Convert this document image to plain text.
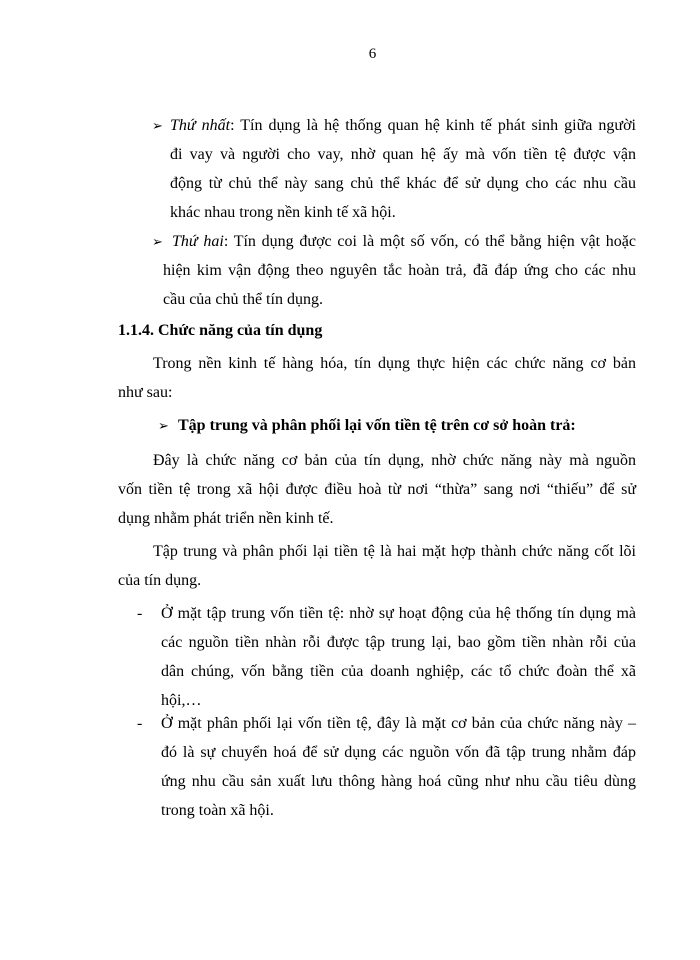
6
➢ Thứ nhất: Tín dụng là hệ thống quan hệ kinh tế phát sinh giữa người
đi vay và người cho vay, nhờ quan hệ ấy mà vốn tiền tệ được vận
động từ chủ thể này sang chủ thể khác để sử dụng cho các nhu cầu
khác nhau trong nền kinh tế xã hội.
➢ Thứ hai: Tín dụng được coi là một số vốn, có thể bằng hiện vật hoặc
hiện kim vận động theo nguyên tắc hoàn trả, đã đáp ứng cho các nhu
cầu của chủ thể tín dụng.
1.1.4. Chức năng của tín dụng
Trong nền kinh tế hàng hóa, tín dụng thực hiện các chức năng cơ bản
như sau:
➢ Tập trung và phân phối lại vốn tiền tệ trên cơ sở hoàn trả:
Đây là chức năng cơ bản của tín dụng, nhờ chức năng này mà nguồn
vốn tiền tệ trong xã hội được điều hoà từ nơi “thừa” sang nơi “thiếu” để sử
dụng nhằm phát triển nền kinh tế.
Tập trung và phân phối lại tiền tệ là hai mặt hợp thành chức năng cốt lõi
của tín dụng.
- Ở mặt tập trung vốn tiền tệ: nhờ sự hoạt động của hệ thống tín dụng mà
các nguồn tiền nhàn rỗi được tập trung lại, bao gồm tiền nhàn rỗi của
dân chúng, vốn bằng tiền của doanh nghiệp, các tổ chức đoàn thể xã
hội,…
- Ở mặt phân phối lại vốn tiền tệ, đây là mặt cơ bản của chức năng này –
đó là sự chuyển hoá để sử dụng các nguồn vốn đã tập trung nhằm đáp
ứng nhu cầu sản xuất lưu thông hàng hoá cũng như nhu cầu tiêu dùng
trong toàn xã hội.
